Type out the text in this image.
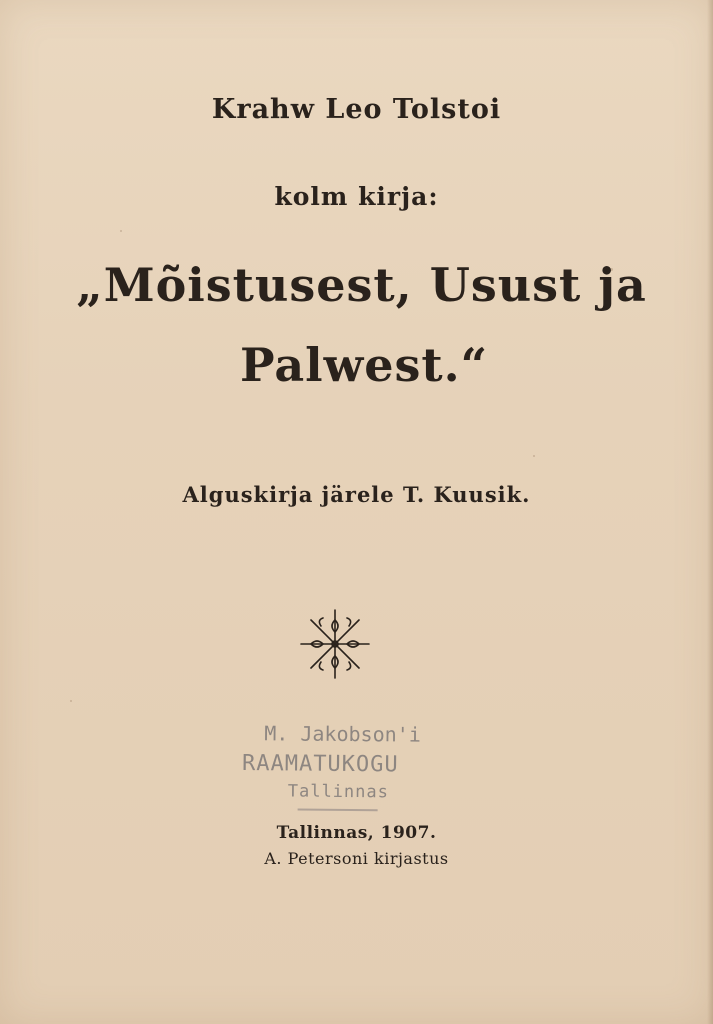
Krahw Leo Tolstoi
kolm kirja:
„Mõistusest, Usust ja
Palwest.“
Alguskirja järele T. Kuusik.
M. Jakobson'i
RAAMATUKOGU
Tallinnas
Tallinnas, 1907.
A. Petersoni kirjastus
